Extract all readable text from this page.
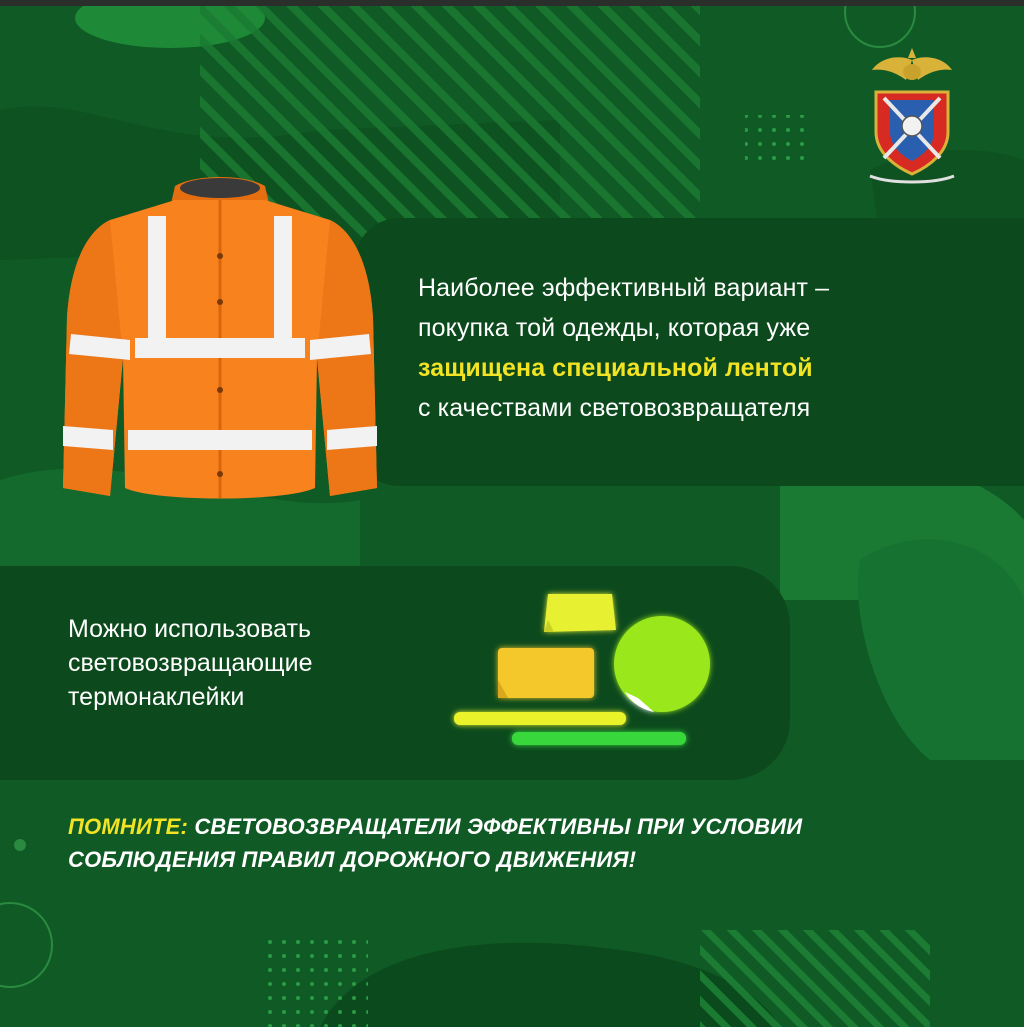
Наиболее эффективный вариант –
покупка той одежды, которая уже
защищена специальной лентой
с качествами световозвращателя
Можно использовать
световозвращающие
термонаклейки
ПОМНИТЕ: СВЕТОВОЗВРАЩАТЕЛИ ЭФФЕКТИВНЫ ПРИ УСЛОВИИ
СОБЛЮДЕНИЯ ПРАВИЛ ДОРОЖНОГО ДВИЖЕНИЯ!
